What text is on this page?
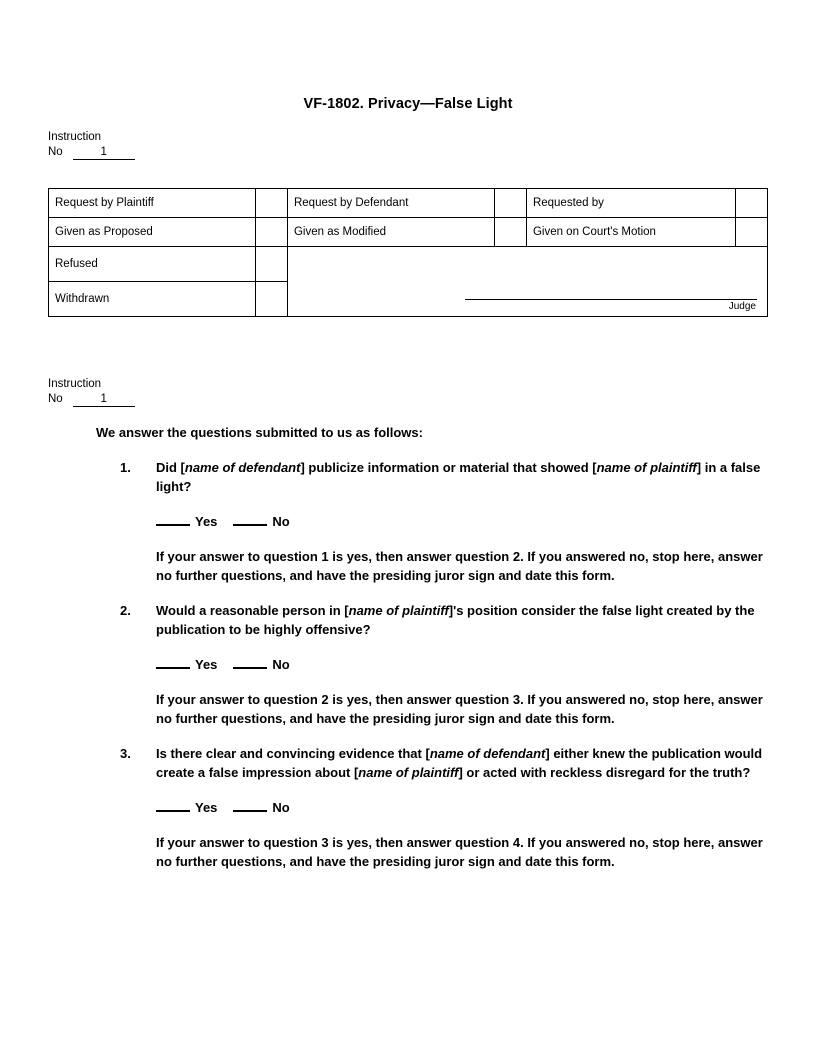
VF-1802. Privacy—False Light
Instruction
No	1
Request by Plaintiff		Request by Defendant		Requested by	
Given as Proposed		Given as Modified		Given on Court's Motion	
Refused		Judge			

Withdrawn					
Instruction
No	1
We answer the questions submitted to us as follows:
1. Did [name of defendant] publicize information or material that showed [name of plaintiff] in a false light?
Yes	No
If your answer to question 1 is yes, then answer question 2. If you answered no, stop here, answer no further questions, and have the presiding juror sign and date this form.
2. Would a reasonable person in [name of plaintiff]'s position consider the false light created by the publication to be highly offensive?
Yes	No
If your answer to question 2 is yes, then answer question 3. If you answered no, stop here, answer no further questions, and have the presiding juror sign and date this form.
3. Is there clear and convincing evidence that [name of defendant] either knew the publication would create a false impression about [name of plaintiff] or acted with reckless disregard for the truth?
Yes	No
If your answer to question 3 is yes, then answer question 4. If you answered no, stop here, answer no further questions, and have the presiding juror sign and date this form.
